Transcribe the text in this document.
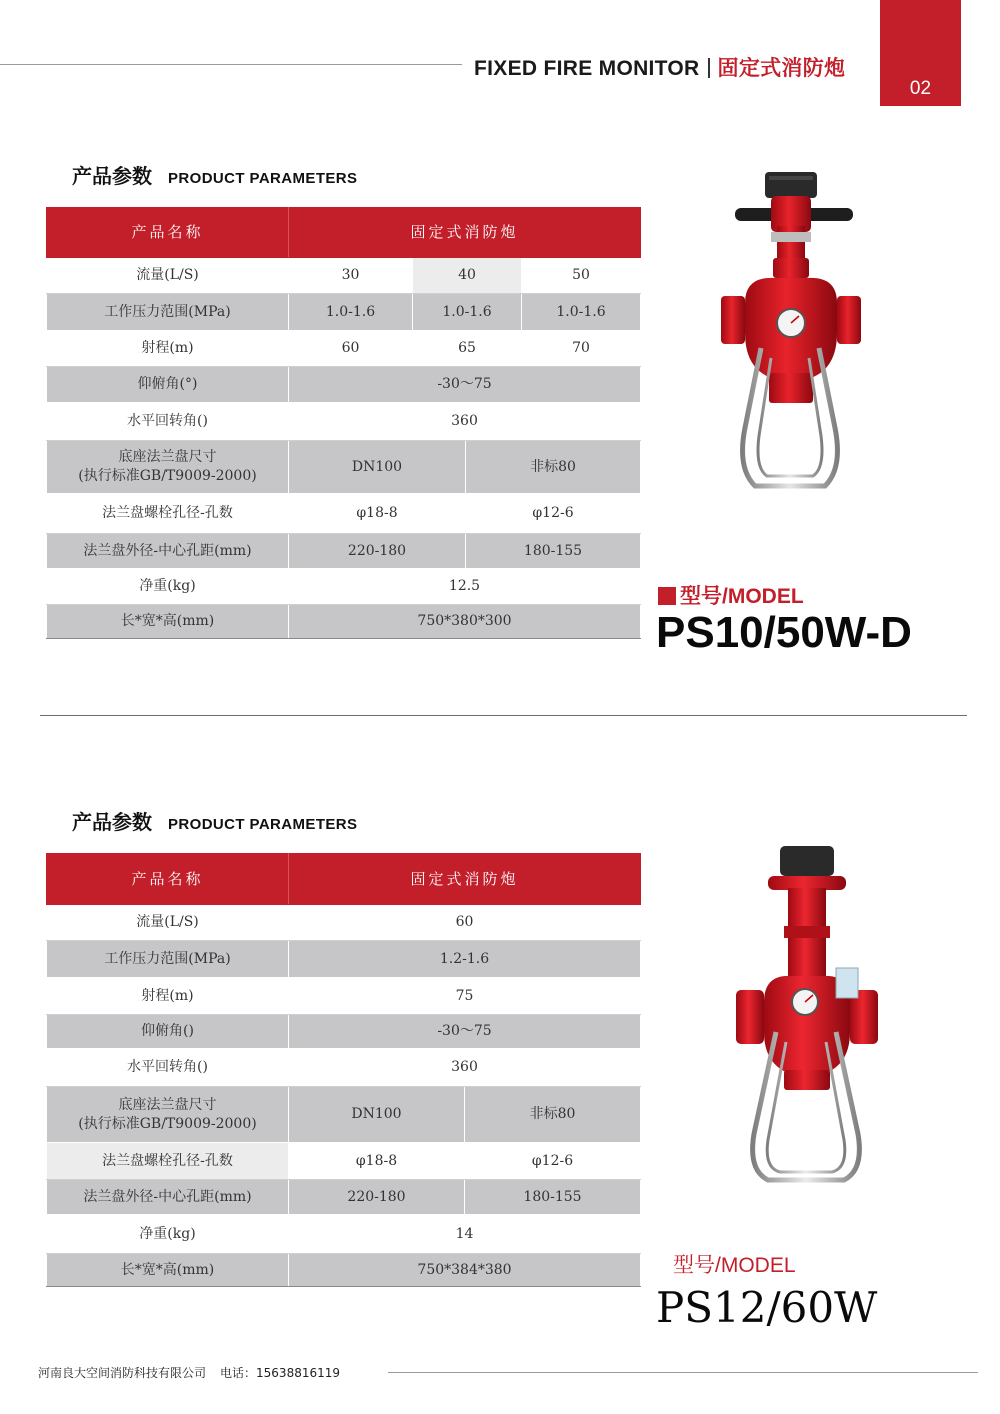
FIXED FIRE MONITOR 固定式消防炮
02
产品参数 PRODUCT PARAMETERS
产品名称	固定式消防炮			
流量(L/S)	30	40		50
工作压力范围(MPa)	1.0-1.6	1.0-1.6		1.0-1.6
射程(m)	60	65		70
仰俯角(°)	-30～75			
水平回转角()	360			

底座法兰盘尺寸
(执行标准GB/T9009-2000)	DN100		非标80	
法兰盘螺栓孔径-孔数	φ18-8		φ12-6	
法兰盘外径-中心孔距(mm)	220-180		180-155	
净重(kg)	12.5			
长*宽*高(mm)	750*380*300			
型号/MODEL
PS10/50W-D
产品参数 PRODUCT PARAMETERS
产品名称	固定式消防炮	
流量(L/S)	60	
工作压力范围(MPa)	1.2-1.6	
射程(m)	75	
仰俯角()	-30～75	
水平回转角()	360	

底座法兰盘尺寸
(执行标准GB/T9009-2000)	DN100	非标80
法兰盘螺栓孔径-孔数	φ18-8	φ12-6
法兰盘外径-中心孔距(mm)	220-180	180-155
净重(kg)	14	
长*宽*高(mm)	750*384*380		型号/MODEL
PS12/60W
河南良大空间消防科技有限公司 电话：15638816119
